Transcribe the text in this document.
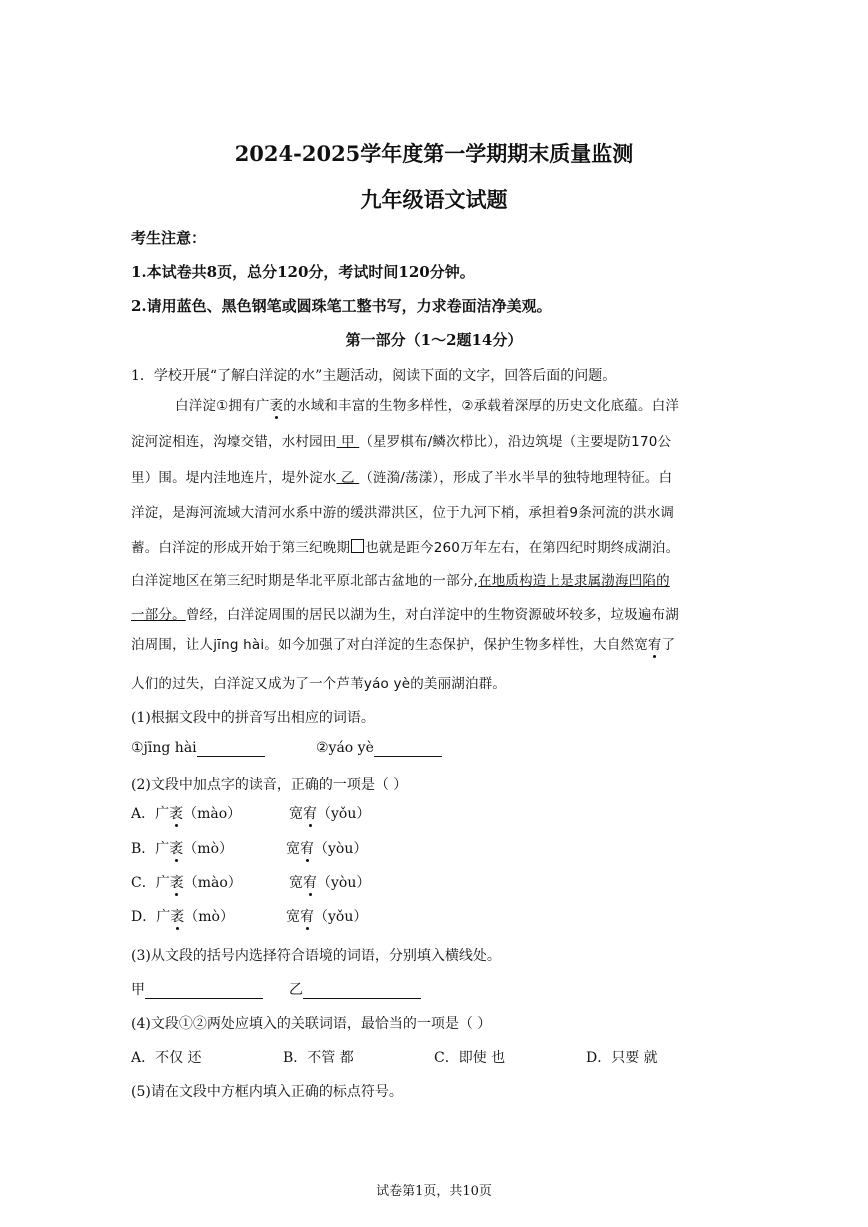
2024-2025学年度第一学期期末质量监测
九年级语文试题
考生注意：
1.本试卷共8页，总分120分，考试时间120分钟。
2.请用蓝色、黑色钢笔或圆珠笔工整书写，力求卷面洁净美观。
第一部分（1～2题14分）
1．学校开展“了解白洋淀的水”主题活动，阅读下面的文字，回答后面的问题。
白洋淀①拥有广袤的水域和丰富的生物多样性，②承载着深厚的历史文化底蕴。白洋
淀河淀相连，沟壕交错，水村园田 甲 （星罗棋布/鳞次栉比），沿边筑堤（主要堤防170公
里）围。堤内洼地连片，堤外淀水 乙 （涟漪/荡漾），形成了半水半旱的独特地理特征。白
洋淀，是海河流域大清河水系中游的缓洪滞洪区，位于九河下梢，承担着9条河流的洪水调
蓄。白洋淀的形成开始于第三纪晚期 也就是距今260万年左右，在第四纪时期终成湖泊。
白洋淀地区在第三纪时期是华北平原北部古盆地的一部分,在地质构造上是隶属渤海凹陷的
一部分。曾经，白洋淀周围的居民以湖为生，对白洋淀中的生物资源破坏较多，垃圾遍布湖
泊周围，让人jīng hài。如今加强了对白洋淀的生态保护，保护生物多样性，大自然宽宥了
人们的过失，白洋淀又成为了一个芦苇yáo yè的美丽湖泊群。
(1)根据文段中的拼音写出相应的词语。
①jīng hài	②yáo yè
(2)文段中加点字的读音，正确的一项是（ ）
A．广袤（mào）	宽宥（yǒu）
B．广袤（mò）	宽宥（yòu）
C．广袤（mào）	宽宥（yòu）
D．广袤（mò）	宽宥（yǒu）
(3)从文段的括号内选择符合语境的词语，分别填入横线处。
甲	乙
(4)文段①②两处应填入的关联词语，最恰当的一项是（ ）
A．不仅 还	B．不管 都	C．即使 也	D．只要 就
(5)请在文段中方框内填入正确的标点符号。
试卷第1页，共10页
